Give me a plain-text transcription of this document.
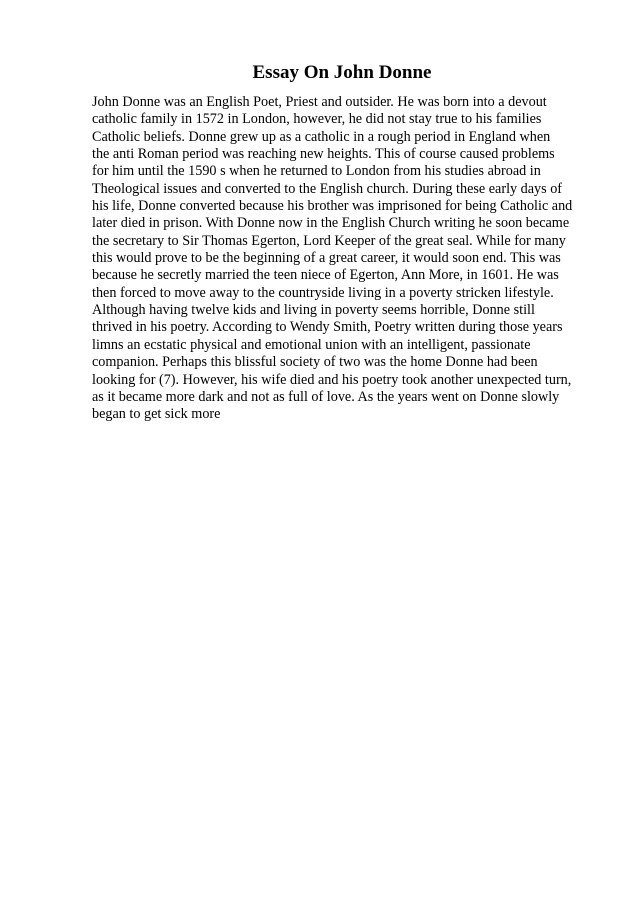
Essay On John Donne
John Donne was an English Poet, Priest and outsider. He was born into a devout
catholic family in 1572 in London, however, he did not stay true to his families
Catholic beliefs. Donne grew up as a catholic in a rough period in England when
the anti Roman period was reaching new heights. This of course caused problems
for him until the 1590 s when he returned to London from his studies abroad in
Theological issues and converted to the English church. During these early days of
his life, Donne converted because his brother was imprisoned for being Catholic and
later died in prison. With Donne now in the English Church writing he soon became
the secretary to Sir Thomas Egerton, Lord Keeper of the great seal. While for many
this would prove to be the beginning of a great career, it would soon end. This was
because he secretly married the teen niece of Egerton, Ann More, in 1601. He was
then forced to move away to the countryside living in a poverty stricken lifestyle.
Although having twelve kids and living in poverty seems horrible, Donne still
thrived in his poetry. According to Wendy Smith, Poetry written during those years
limns an ecstatic physical and emotional union with an intelligent, passionate
companion. Perhaps this blissful society of two was the home Donne had been
looking for (7). However, his wife died and his poetry took another unexpected turn,
as it became more dark and not as full of love. As the years went on Donne slowly
began to get sick more
